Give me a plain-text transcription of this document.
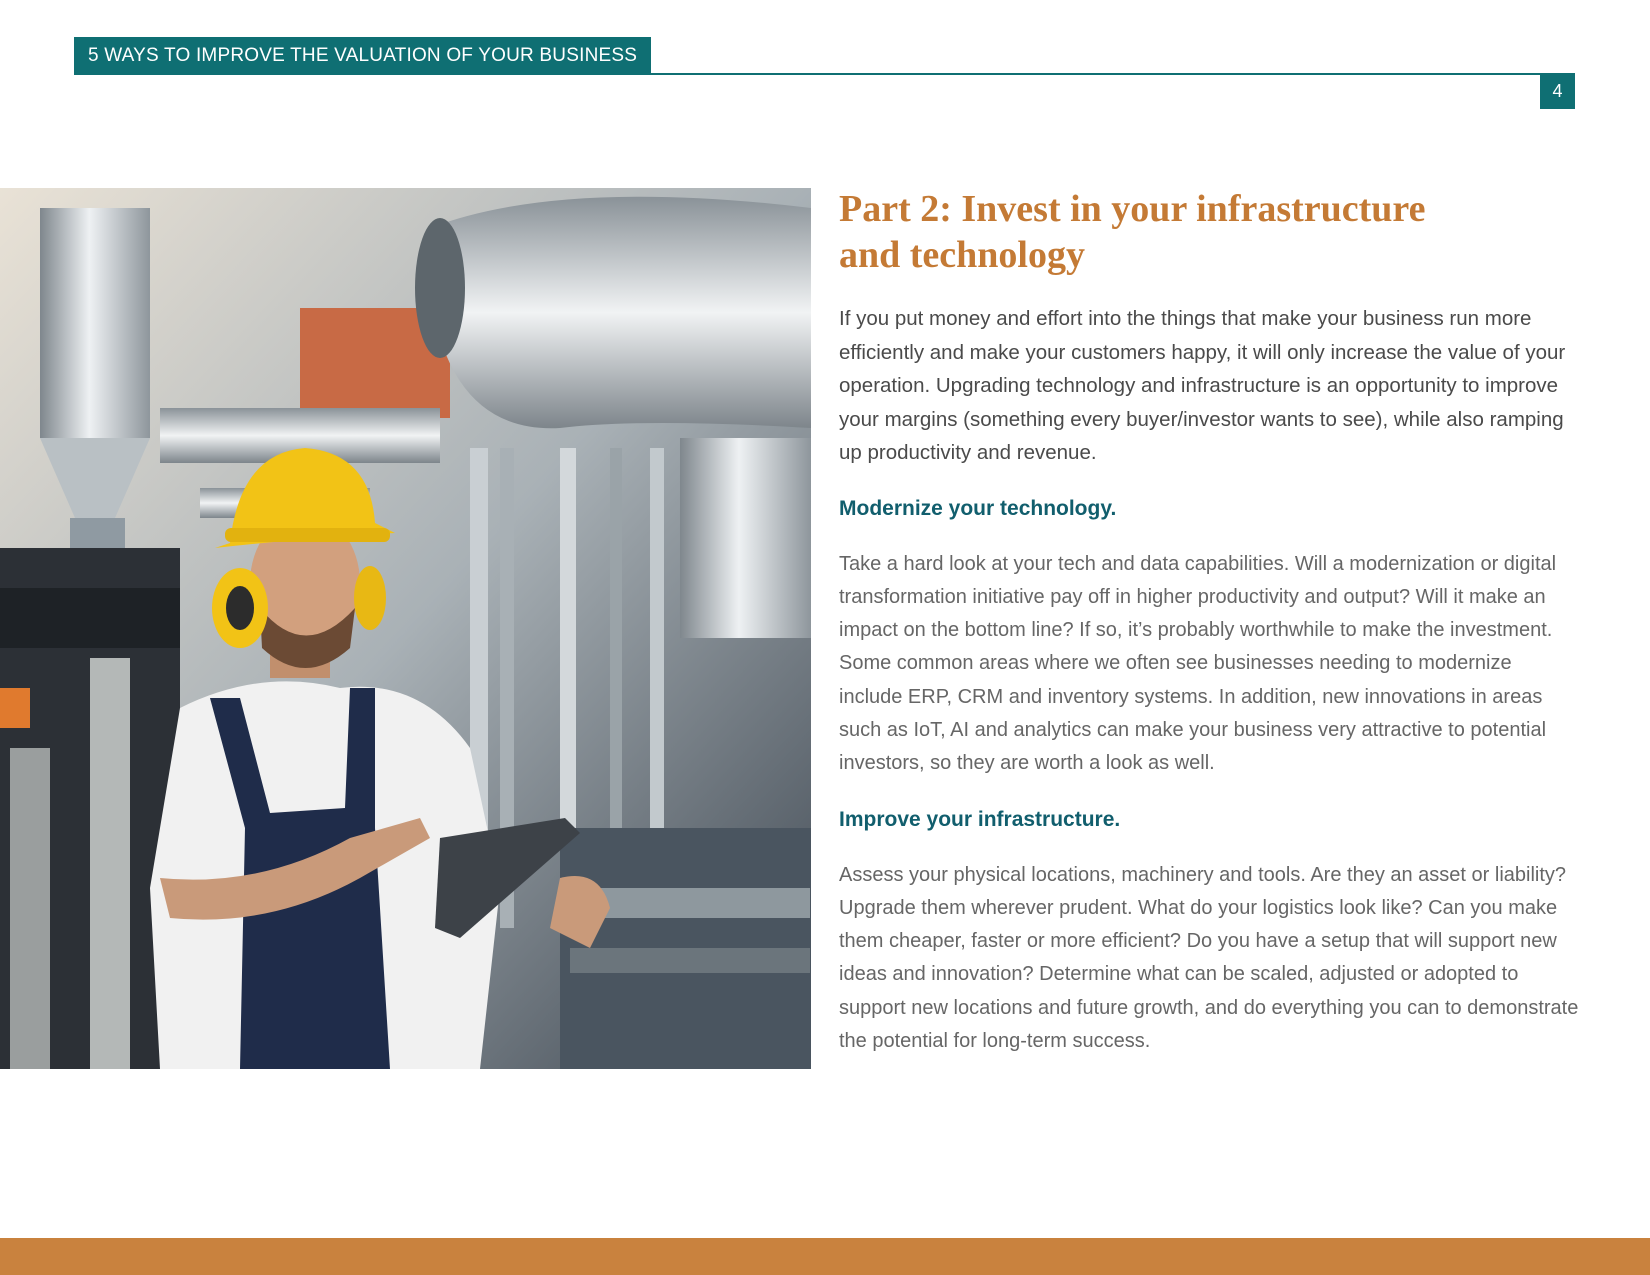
5 WAYS TO IMPROVE THE VALUATION OF YOUR BUSINESS
4
Part 2: Invest in your infrastructure and technology

If you put money and effort into the things that make your business run more efficiently and make your customers happy, it will only increase the value of your operation. Upgrading technology and infrastructure is an opportunity to improve your margins (something every buyer/investor wants to see), while also ramping up productivity and revenue.

Modernize your technology.

Take a hard look at your tech and data capabilities. Will a modernization or digital transformation initiative pay off in higher productivity and output? Will it make an impact on the bottom line? If so, it’s probably worthwhile to make the investment. Some common areas where we often see businesses needing to modernize include ERP, CRM and inventory systems. In addition, new innovations in areas such as IoT, AI and analytics can make your business very attractive to potential investors, so they are worth a look as well.

Improve your infrastructure.

Assess your physical locations, machinery and tools. Are they an asset or liability? Upgrade them wherever prudent. What do your logistics look like? Can you make them cheaper, faster or more efficient? Do you have a setup that will support new ideas and innovation? Determine what can be scaled, adjusted or adopted to support new locations and future growth, and do everything you can to demonstrate the potential for long-term success.
